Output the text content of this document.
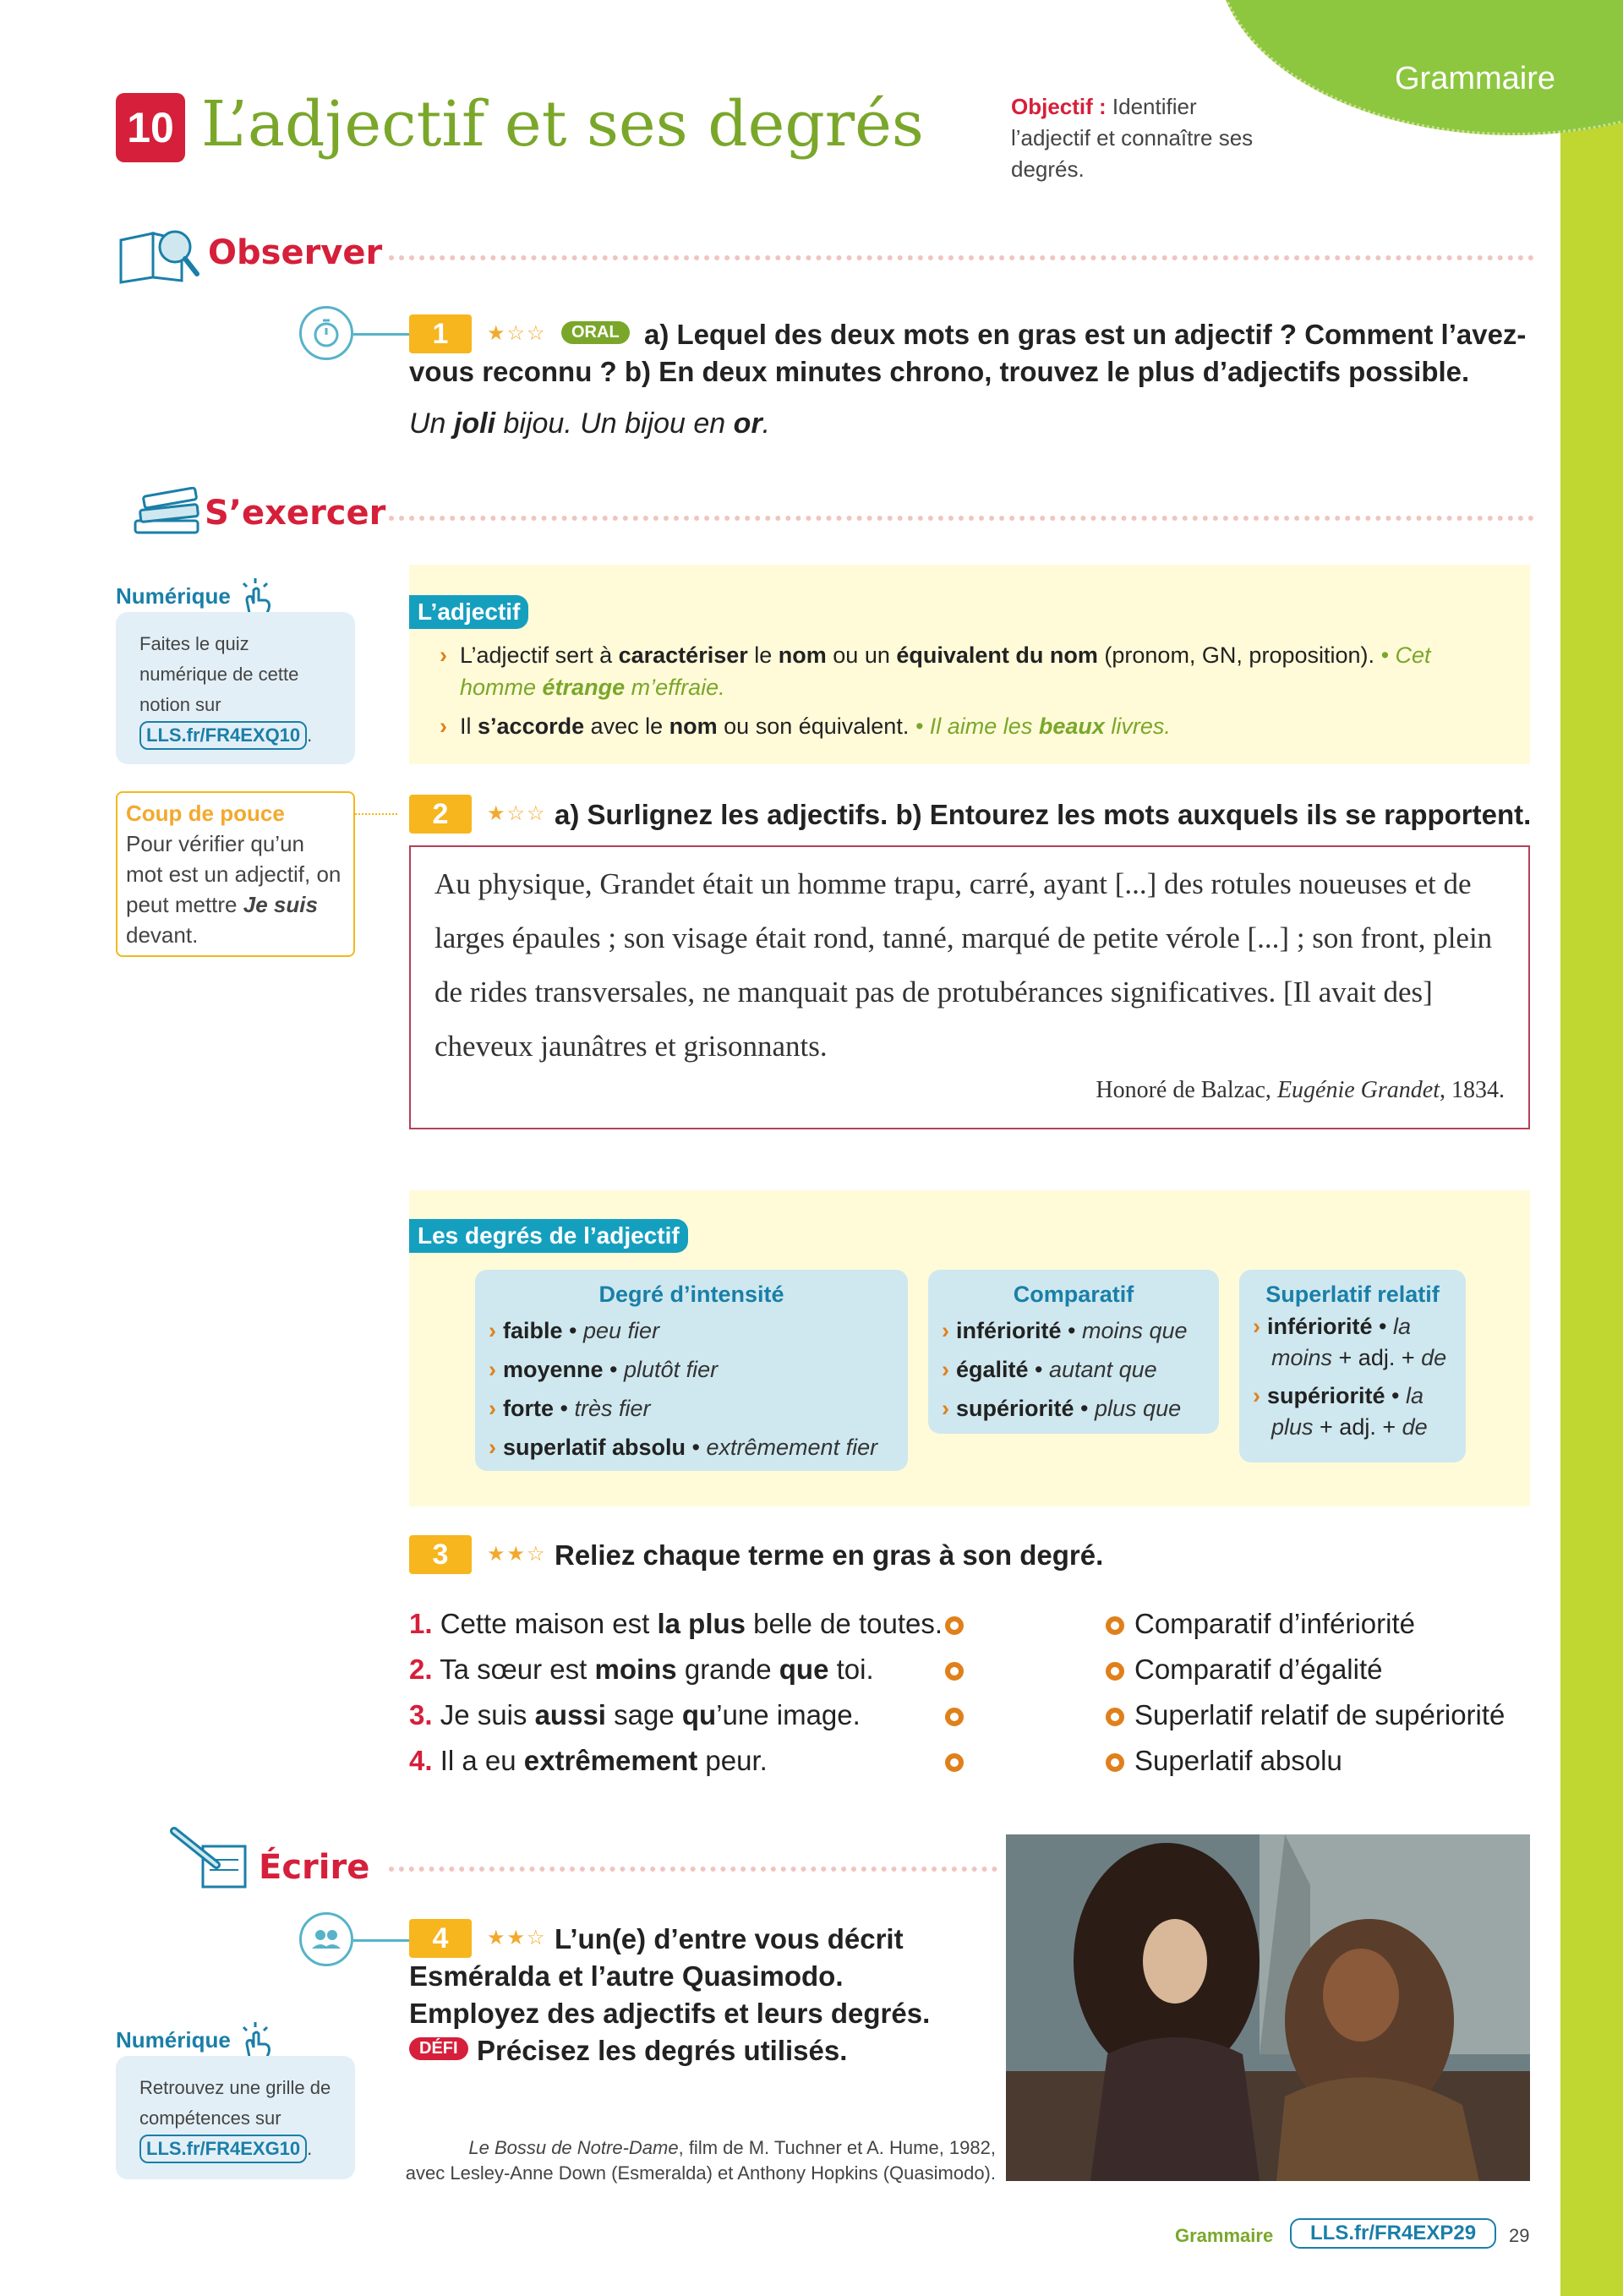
Grammaire
10 L’adjectif et ses degrés	Objectif : Identifier l’adjectif et connaître ses degrés.
Observer
1	★☆☆	ORAL a) Lequel des deux mots en gras est un adjectif ? Comment l’avez-vous reconnu ? b) En deux minutes chrono, trouvez le plus d’adjectifs possible.
Un joli bijou. Un bijou en or.
S’exercer
Numérique
Faites le quiz numérique de cette notion sur
LLS.fr/FR4EXQ10 .
L’adjectif
› L’adjectif sert à caractériser le nom ou un équivalent du nom (pronom, GN, proposition). • Cet homme étrange m’effraie.
› Il s’accorde avec le nom ou son équivalent. • Il aime les beaux livres.
Coup de pouce
Pour vérifier qu’un mot est un adjectif, on peut mettre Je suis devant.
2	★☆☆ a) Surlignez les adjectifs. b) Entourez les mots auxquels ils se rapportent.
Au physique, Grandet était un homme trapu, carré, ayant [...] des rotules noueuses et de larges épaules ; son visage était rond, tanné, marqué de petite vérole [...] ; son front, plein de rides transversales, ne manquait pas de protubérances significatives. [Il avait des] cheveux jaunâtres et grisonnants.
Honoré de Balzac, Eugénie Grandet, 1834.
Les degrés de l’adjectif
Degré d’intensité
› faible • peu fier
› moyenne • plutôt fier
› forte • très fier
› superlatif absolu • extrêmement fier
Comparatif
› infériorité • moins que
› égalité • autant que
› supériorité • plus que
Superlatif relatif
› infériorité • la moins + adj. + de
› supériorité • la plus + adj. + de
3	★★☆ Reliez chaque terme en gras à son degré.
1. Cette maison est la plus belle de toutes.
2. Ta sœur est moins grande que toi.
3. Je suis aussi sage qu’une image.
4. Il a eu extrêmement peur.
Comparatif d’infériorité
Comparatif d’égalité
Superlatif relatif de supériorité
Superlatif absolu
Écrire
4	★★☆ L’un(e) d’entre vous décrit
Esméralda et l’autre Quasimodo.
Employez des adjectifs et leurs degrés.
DÉFI Précisez les degrés utilisés.
Numérique
Retrouvez une grille de compétences sur
LLS.fr/FR4EXG10 .	Le Bossu de Notre-Dame, film de M. Tuchner et A. Hume, 1982,
avec Lesley-Anne Down (Esmeralda) et Anthony Hopkins (Quasimodo).
Grammaire	LLS.fr/FR4EXP29	29
